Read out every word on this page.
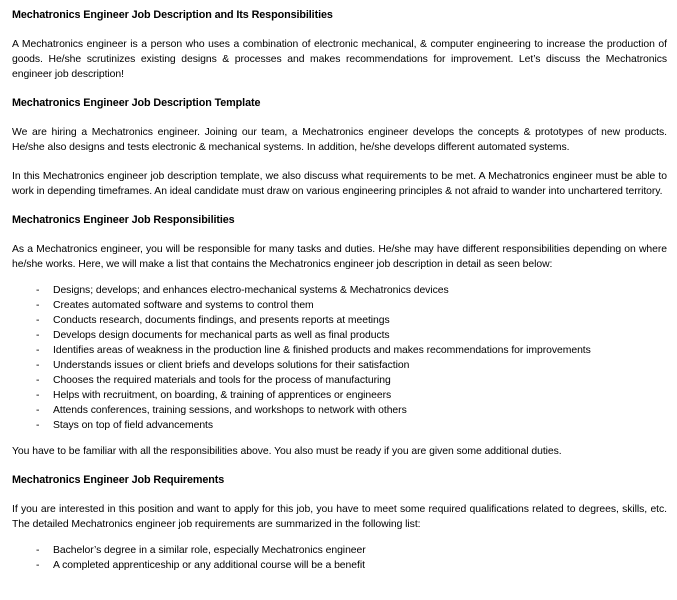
Mechatronics Engineer Job Description and Its Responsibilities

A Mechatronics engineer is a person who uses a combination of electronic mechanical, & computer engineering to increase the production of goods. He/she scrutinizes existing designs & processes and makes recommendations for improvement. Let’s discuss the Mechatronics engineer job description!

Mechatronics Engineer Job Description Template

We are hiring a Mechatronics engineer. Joining our team, a Mechatronics engineer develops the concepts & prototypes of new products. He/she also designs and tests electronic & mechanical systems. In addition, he/she develops different automated systems.

In this Mechatronics engineer job description template, we also discuss what requirements to be met. A Mechatronics engineer must be able to work in depending timeframes. An ideal candidate must draw on various engineering principles & not afraid to wander into unchartered territory.

Mechatronics Engineer Job Responsibilities

As a Mechatronics engineer, you will be responsible for many tasks and duties. He/she may have different responsibilities depending on where he/she works. Here, we will make a list that contains the Mechatronics engineer job description in detail as seen below:

- Designs; develops; and enhances electro-mechanical systems & Mechatronics devices
- Creates automated software and systems to control them
- Conducts research, documents findings, and presents reports at meetings
- Develops design documents for mechanical parts as well as final products
- Identifies areas of weakness in the production line & finished products and makes recommendations for improvements
- Understands issues or client briefs and develops solutions for their satisfaction
- Chooses the required materials and tools for the process of manufacturing
- Helps with recruitment, on boarding, & training of apprentices or engineers
- Attends conferences, training sessions, and workshops to network with others
- Stays on top of field advancements

You have to be familiar with all the responsibilities above. You also must be ready if you are given some additional duties.

Mechatronics Engineer Job Requirements

If you are interested in this position and want to apply for this job, you have to meet some required qualifications related to degrees, skills, etc. The detailed Mechatronics engineer job requirements are summarized in the following list:

- Bachelor’s degree in a similar role, especially Mechatronics engineer
- A completed apprenticeship or any additional course will be a benefit
